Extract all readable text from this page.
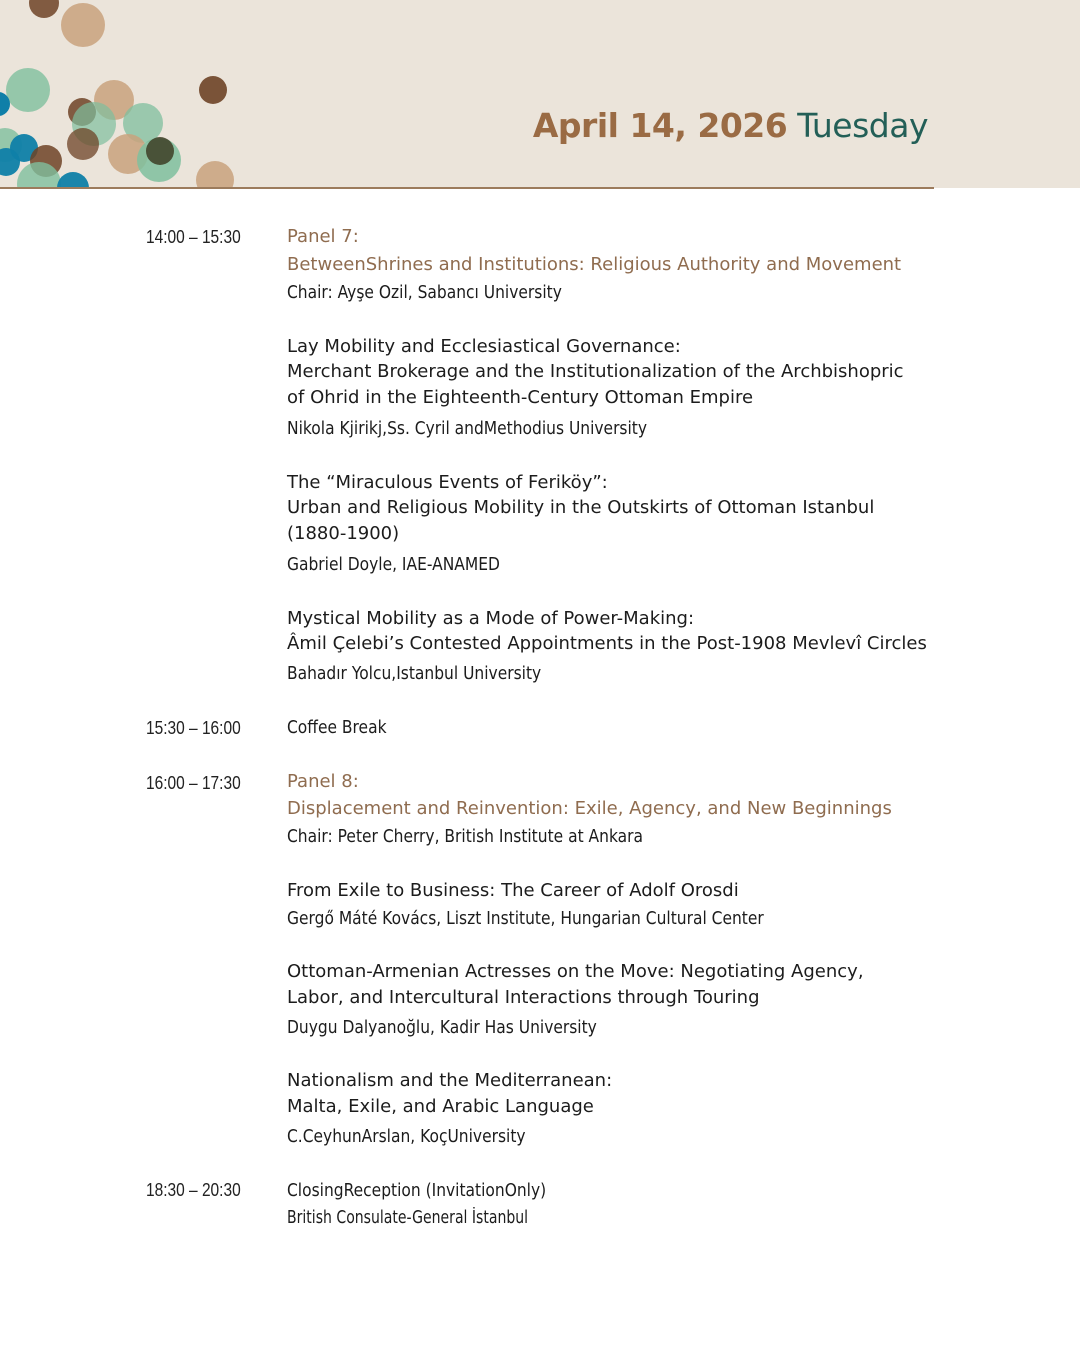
April 14, 2026 Tuesday
14:00 – 15:30	Panel 7:
BetweenShrines and Institutions: Religious Authority and Movement
Chair: Ayşe Ozil, Sabancı University
Lay Mobility and Ecclesiastical Governance:
Merchant Brokerage and the Institutionalization of the Archbishopric
of Ohrid in the Eighteenth-Century Ottoman Empire
Nikola Kjirikj,Ss. Cyril andMethodius University
The “Miraculous Events of Feriköy”:
Urban and Religious Mobility in the Outskirts of Ottoman Istanbul
(1880-1900)
Gabriel Doyle, IAE-ANAMED
Mystical Mobility as a Mode of Power-Making:
Âmil Çelebi’s Contested Appointments in the Post-1908 Mevlevî Circles
Bahadır Yolcu,Istanbul University
15:30 – 16:00	Coffee Break
16:00 – 17:30	Panel 8:
Displacement and Reinvention: Exile, Agency, and New Beginnings
Chair: Peter Cherry, British Institute at Ankara
From Exile to Business: The Career of Adolf Orosdi
Gergő Máté Kovács, Liszt Institute, Hungarian Cultural Center
Ottoman-Armenian Actresses on the Move: Negotiating Agency,
Labor, and Intercultural Interactions through Touring
Duygu Dalyanoğlu, Kadir Has University
Nationalism and the Mediterranean:
Malta, Exile, and Arabic Language
C.CeyhunArslan, KoçUniversity
18:30 – 20:30	ClosingReception (InvitationOnly)
British Consulate-General İstanbul
